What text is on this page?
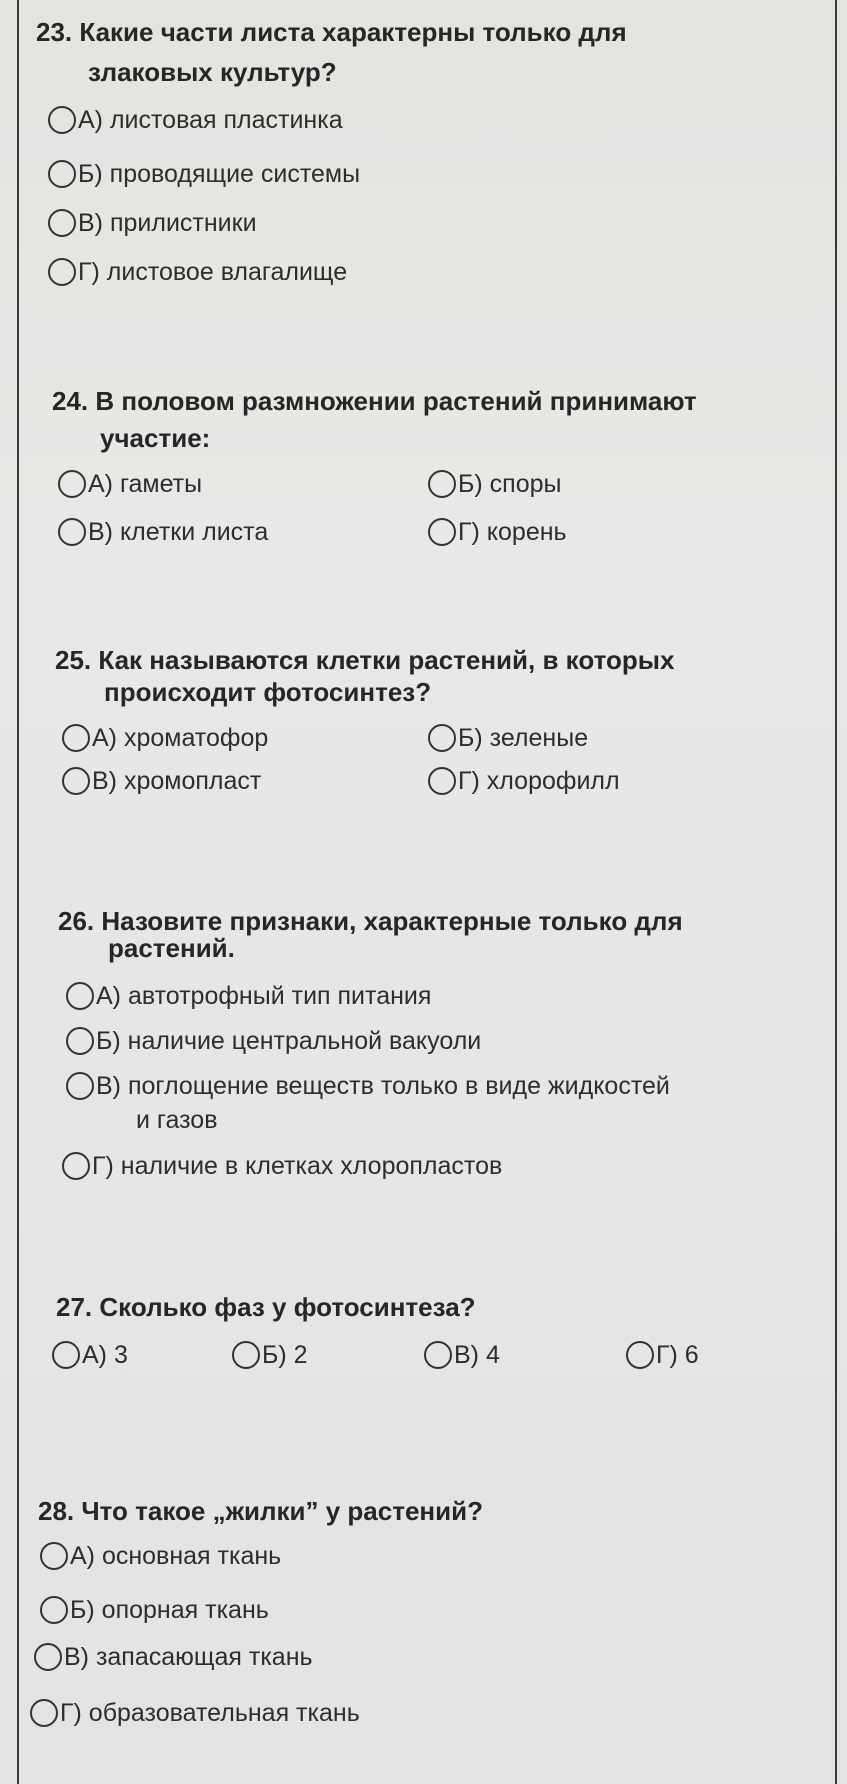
23. Какие части листа характерны только для
злаковых культур?
А) листовая пластинка
Б) проводящие системы
В) прилистники
Г) листовое влагалище
24. В половом размножении растений принимают
участие:
А) гаметы	Б) споры
В) клетки листа	Г) корень
25. Как называются клетки растений, в которых
происходит фотосинтез?
А) хроматофор	Б) зеленые
В) хромопласт	Г) хлорофилл
26. Назовите признаки, характерные только для
растений.
А) автотрофный тип питания
Б) наличие центральной вакуоли
В) поглощение веществ только в виде жидкостей
и газов
Г) наличие в клетках хлоропластов
27. Сколько фаз у фотосинтеза?
А) 3	Б) 2	В) 4	Г) 6
28. Что такое „жилки” у растений?
А) основная ткань
Б) опорная ткань
В) запасающая ткань
Г) образовательная ткань
